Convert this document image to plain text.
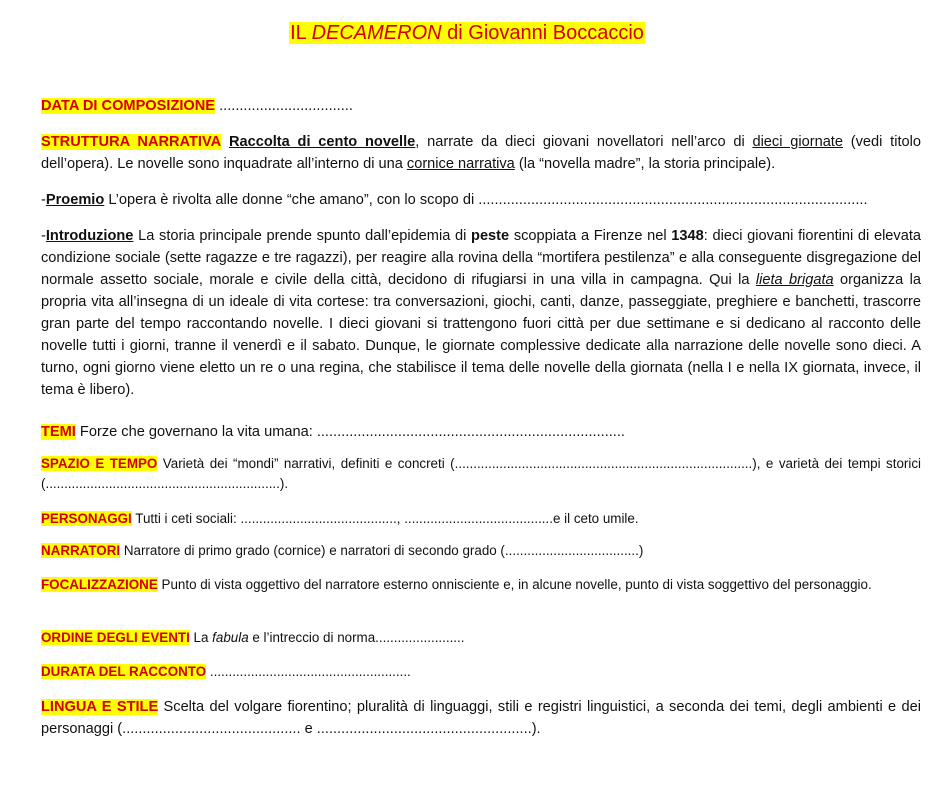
IL DECAMERON di Giovanni Boccaccio
DATA DI COMPOSIZIONE .................................
STRUTTURA NARRATIVA Raccolta di cento novelle, narrate da dieci giovani novellatori nell’arco di dieci giornate (vedi titolo dell’opera). Le novelle sono inquadrate all’interno di una cornice narrativa (la “novella madre”, la storia principale).
-Proemio L’opera è rivolta alle donne “che amano”, con lo scopo di ................................................................................................
-Introduzione La storia principale prende spunto dall’epidemia di peste scoppiata a Firenze nel 1348: dieci giovani fiorentini di elevata condizione sociale (sette ragazze e tre ragazzi), per reagire alla rovina della “mortifera pestilenza” e alla conseguente disgregazione del normale assetto sociale, morale e civile della città, decidono di rifugiarsi in una villa in campagna. Qui la lieta brigata organizza la propria vita all’insegna di un ideale di vita cortese: tra conversazioni, giochi, canti, danze, passeggiate, preghiere e banchetti, trascorre gran parte del tempo raccontando novelle. I dieci giovani si trattengono fuori città per due settimane e si dedicano al racconto delle novelle tutti i giorni, tranne il venerdì e il sabato. Dunque, le giornate complessive dedicate alla narrazione delle novelle sono dieci. A turno, ogni giorno viene eletto un re o una regina, che stabilisce il tema delle novelle della giornata (nella I e nella IX giornata, invece, il tema è libero).
TEMI Forze che governano la vita umana: ............................................................................
SPAZIO E TEMPO Varietà dei “mondi” narrativi, definiti e concreti (................................................................................), e varietà dei tempi storici (...............................................................).
PERSONAGGI Tutti i ceti sociali: .........................................., ........................................e il ceto umile.
NARRATORI Narratore di primo grado (cornice) e narratori di secondo grado (....................................)
FOCALIZZAZIONE Punto di vista oggettivo del narratore esterno onnisciente e, in alcune novelle, punto di vista soggettivo del personaggio.
ORDINE DEGLI EVENTI La fabula e l’intreccio di norma........................
DURATA DEL RACCONTO ......................................................
LINGUA E STILE Scelta del volgare fiorentino; pluralità di linguaggi, stili e registri linguistici, a seconda dei temi, degli ambienti e dei personaggi (............................................ e .....................................................).
